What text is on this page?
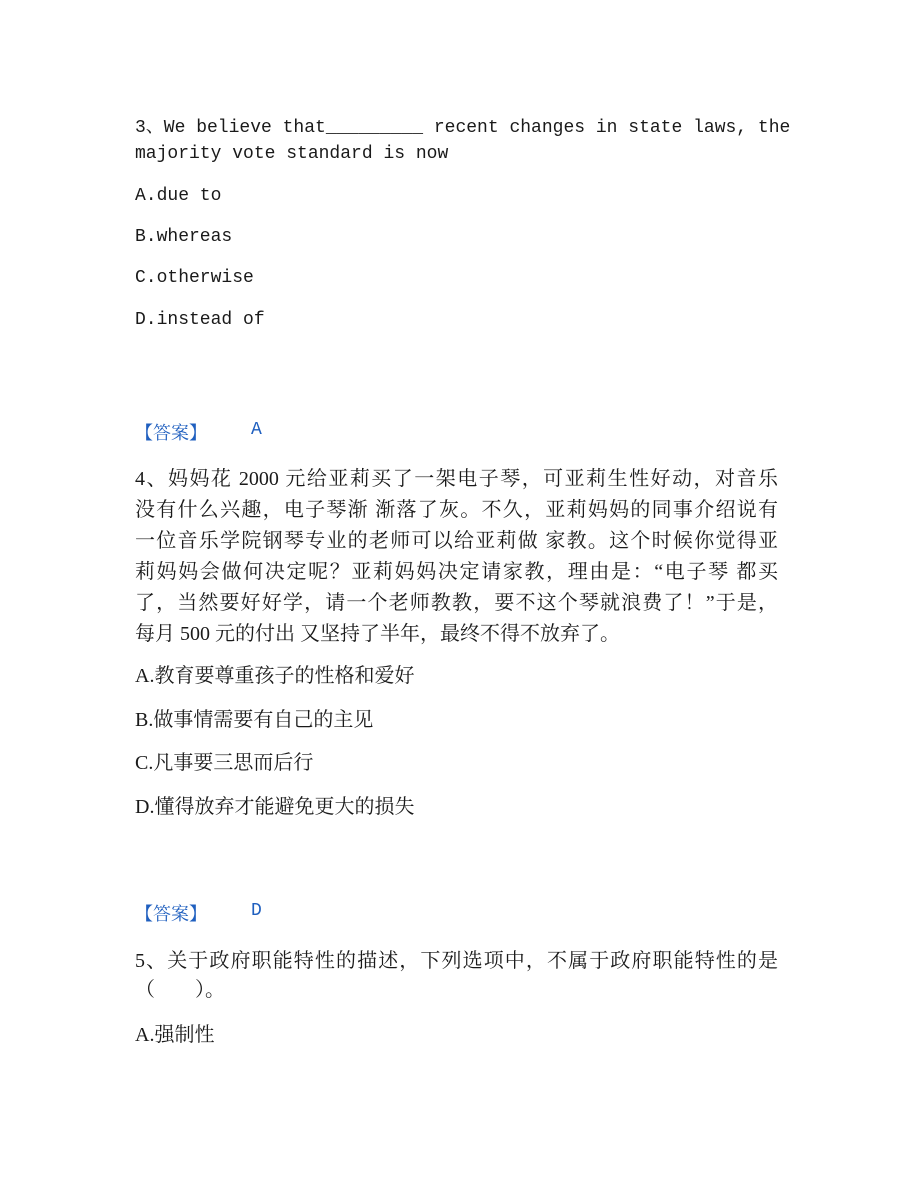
3、We believe that_________ recent changes in state laws, the
majority vote standard is now
A.due to
B.whereas
C.otherwise
D.instead of
【答案】 A
4、妈妈花 2000 元给亚莉买了一架电子琴，可亚莉生性好动，对音乐
没有什么兴趣，电子琴渐 渐落了灰。不久，亚莉妈妈的同事介绍说有
一位音乐学院钢琴专业的老师可以给亚莉做 家教。这个时候你觉得亚
莉妈妈会做何决定呢？亚莉妈妈决定请家教，理由是：“电子琴 都买
了，当然要好好学，请一个老师教教，要不这个琴就浪费了！”于是，
每月 500 元的付出 又坚持了半年，最终不得不放弃了。
A.教育要尊重孩子的性格和爱好
B.做事情需要有自己的主见
C.凡事要三思而后行
D.懂得放弃才能避免更大的损失
【答案】 D
5、关于政府职能特性的描述，下列选项中，不属于政府职能特性的是
（　　）。
A.强制性
